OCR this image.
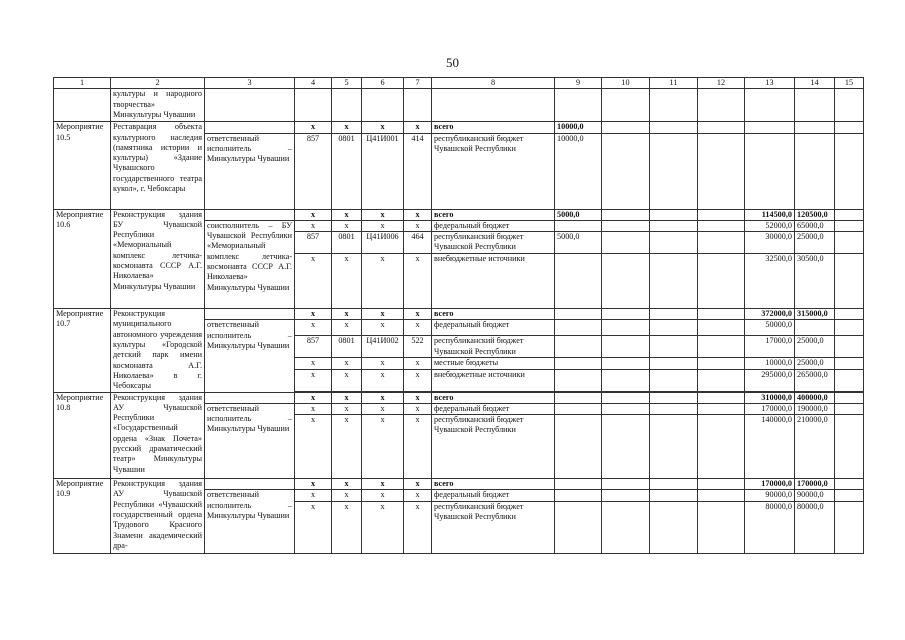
50
1	2	3	4	5	6	7	8	9	10	11	12	13	14	15	
	культуры и народного творчества» Минкультуры Чувашии														
Мероприятие 10.5	Реставрация объекта культурного наследия (памятника истории и культуры) «Здание Чувашского государственного театра кукол», г. Чебоксары		х	х	х	х	всего	10000,0							
		ответственный исполнитель – Минкультуры Чувашии	857	0801	Ц41И001	414	республиканский бюджет Чувашской Республики	10000,0							
Мероприятие 10.6	Реконструкция здания БУ Чувашской Республики «Мемориальный комплекс летчика-космонавта СССР А.Г. Николаева» Минкультуры Чувашии		х	х	х	х	всего	5000,0				114500,0	120500,0		
		соисполнитель – БУ Чувашской Республики «Мемориальный комплекс летчика-космонавта СССР А.Г. Николаева» Минкультуры Чувашии	х	х	х	х	федеральный бюджет					52000,0	65000,0		
			857	0801	Ц41И006	464	республиканский бюджет Чувашской Республики	5000,0				30000,0	25000,0		
			х	х	х	х	внебюджетные источники					32500,0	30500,0		
Мероприятие 10.7	Реконструкция муниципального автономного учреждения культуры «Городской детский парк имени космонавта А.Г. Николаева» в г. Чебоксары		х	х	х	х	всего					372000,0	315000,0		
		ответственный исполнитель – Минкультуры Чувашии	х	х	х	х	федеральный бюджет					50000,0			
			857	0801	Ц41И002	522	республиканский бюджет Чувашской Республики					17000,0	25000,0		
			х	х	х	х	местные бюджеты					10000,0	25000,0		
			х	х	х	х	внебюджетные источники					295000,0	265000,0		

Мероприятие 10.8	Реконструкция здания АУ Чувашской Республики «Государственный ордена «Знак Почета» русский драматический театр» Минкультуры Чувашии		х	х	х	х	всего					310000,0	400000,0		
		ответственный исполнитель – Минкультуры Чувашии	х	х	х	х	федеральный бюджет					170000,0	190000,0		
			х	х	х	х	республиканский бюджет Чувашской Республики					140000,0	210000,0		
Мероприятие 10.9	Реконструкция здания АУ Чувашской Республики «Чувашский государственный ордена Трудового Красного Знамени академический дра-		х	х	х	х	всего					170000,0	170000,0		
		ответственный исполнитель – Минкультуры Чувашии	х	х	х	х	федеральный бюджет					90000,0	90000,0		
			х	х	х	х	республиканский бюджет Чувашской Республики					80000,0	80000,0		
